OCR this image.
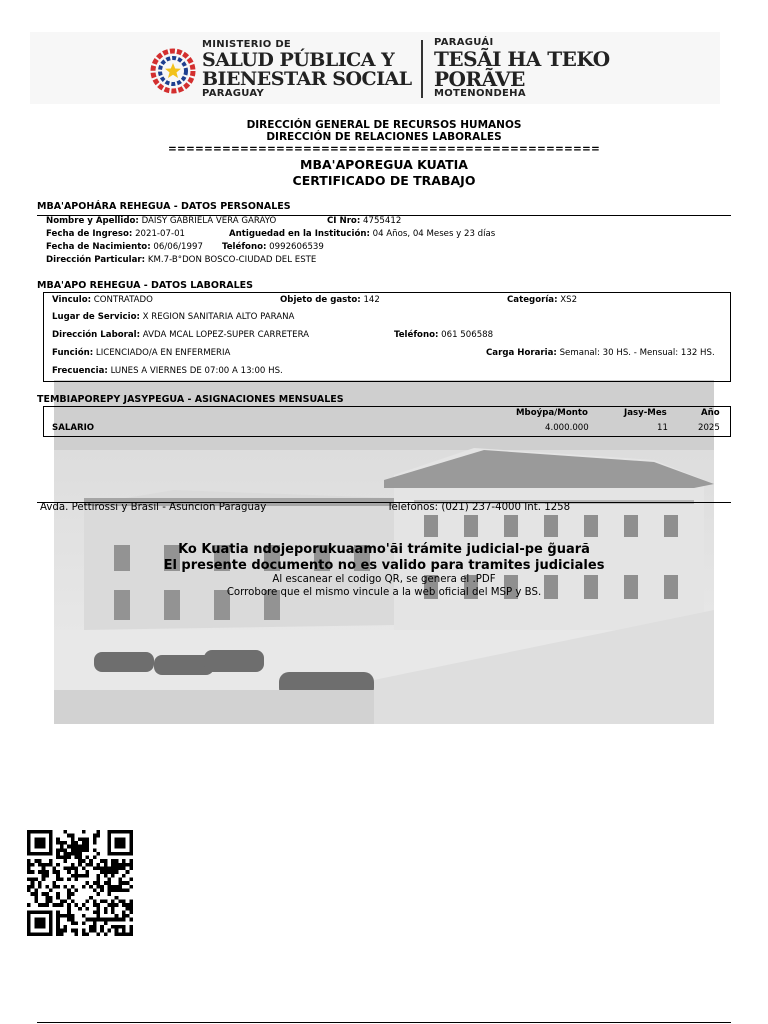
MINISTERIO DE
SALUD PÚBLICA Y
BIENESTAR SOCIAL
PARAGUAY
PARAGUÁI
TESÃI HA TEKO
PORÃVE
MOTENONDEHA
DIRECCIÓN GENERAL DE RECURSOS HUMANOS
DIRECCIÓN DE RELACIONES LABORALES
================================================
MBA'APOREGUA KUATIA
CERTIFICADO DE TRABAJO
MBA'APOHÁRA REHEGUA - DATOS PERSONALES
Nombre y Apellido: DAISY GABRIELA VERA GARAYO	CI Nro: 4755412
Fecha de Ingreso: 2021-07-01	Antiguedad en la Institución: 04 Años, 04 Meses y 23 días
Fecha de Nacimiento: 06/06/1997 Teléfono: 0992606539
Dirección Particular: KM.7-B°DON BOSCO-CIUDAD DEL ESTE
MBA'APO REHEGUA - DATOS LABORALES
Vinculo: CONTRATADO	Objeto de gasto: 142	Categoría: XS2
Lugar de Servicio: X REGION SANITARIA ALTO PARANA
Dirección Laboral: AVDA MCAL LOPEZ-SUPER CARRETERA	Teléfono: 061 506588
Función: LICENCIADO/A EN ENFERMERIA	Carga Horaria: Semanal: 30 HS. - Mensual: 132 HS.
Frecuencia: LUNES A VIERNES DE 07:00 A 13:00 HS.
TEMBIAPOREPY JASYPEGUA - ASIGNACIONES MENSUALES
Mboýpa/Monto	Jasy-Mes	Año
SALARIO	4.000.000	11	2025
Avda. Pettirossi y Brasil - Asuncion Paraguay	Telefonos: (021) 237-4000 Int. 1258
Ko Kuatia ndojeporukuaamo'ãi trámite judicial-pe g̃uarã
El presente documento no es valido para tramites judiciales
Al escanear el codigo QR, se genera el .PDF
Corrobore que el mismo vincule a la web oficial del MSP y BS.
